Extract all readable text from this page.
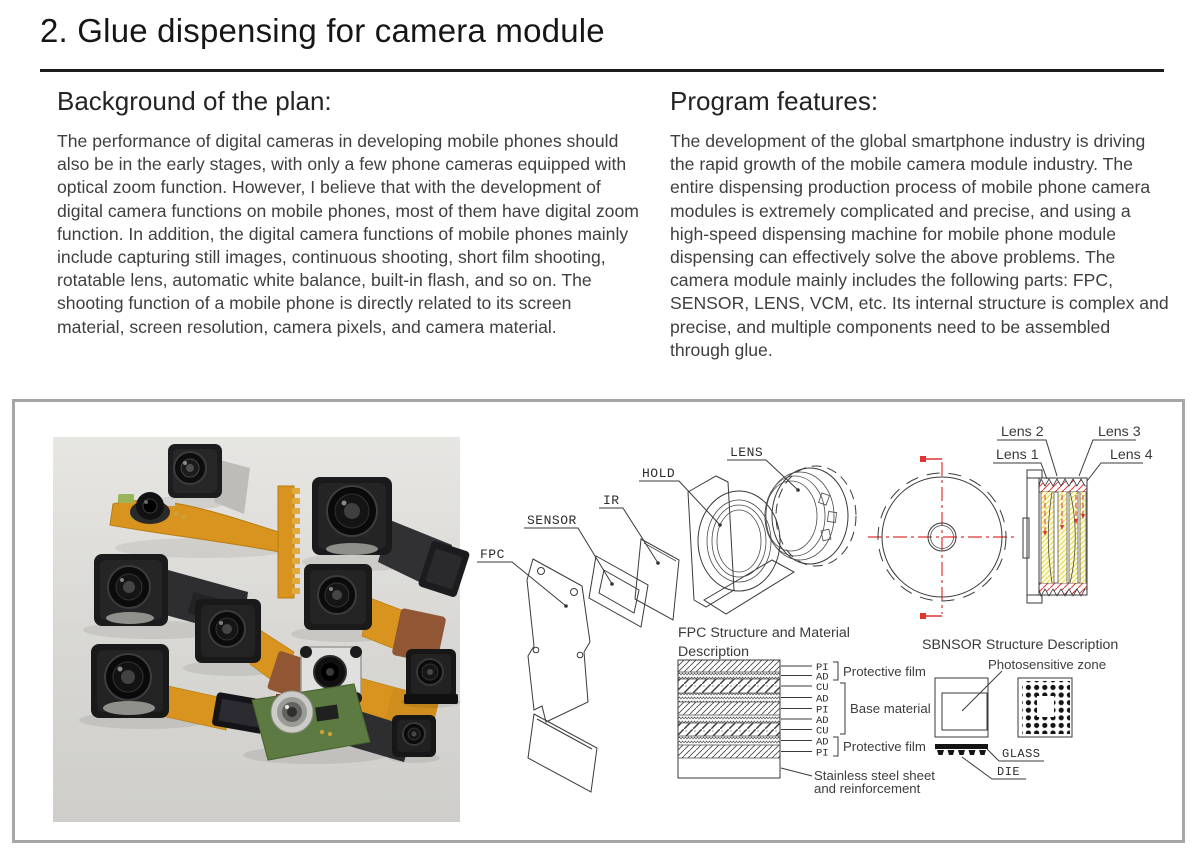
2. Glue dispensing for camera module
Background of the plan:

The performance of digital cameras in developing mobile phones should also be in the early stages, with only a few phone cameras equipped with optical zoom function. However, I believe that with the development of digital camera functions on mobile phones, most of them have digital zoom function. In addition, the digital camera functions of mobile phones mainly include capturing still images, continuous shooting, short film shooting, rotatable lens, automatic white balance, built-in flash, and so on. The shooting function of a mobile phone is directly related to its screen material, screen resolution, camera pixels, and camera material.

Program features:

The development of the global smartphone industry is driving the rapid growth of the mobile camera module industry. The entire dispensing production process of mobile phone camera modules is extremely complicated and precise, and using a high-speed dispensing machine for mobile phone module dispensing can effectively solve the above problems. The camera module mainly includes the following parts: FPC, SENSOR, LENS, VCM, etc. Its internal structure is complex and precise, and multiple components need to be assembled through glue.

FPC
SENSOR
IR
HOLD
LENS
Lens 2
Lens 1
Lens 3
Lens 4
FPC Structure and Material
Description
PI
AD
CU
AD
PI
AD
CU
AD
PI
Protective film
Base material
Protective film
Stainless steel sheet
and reinforcement
SBNSOR Structure Description
Photosensitive zone
GLASS
DIE
